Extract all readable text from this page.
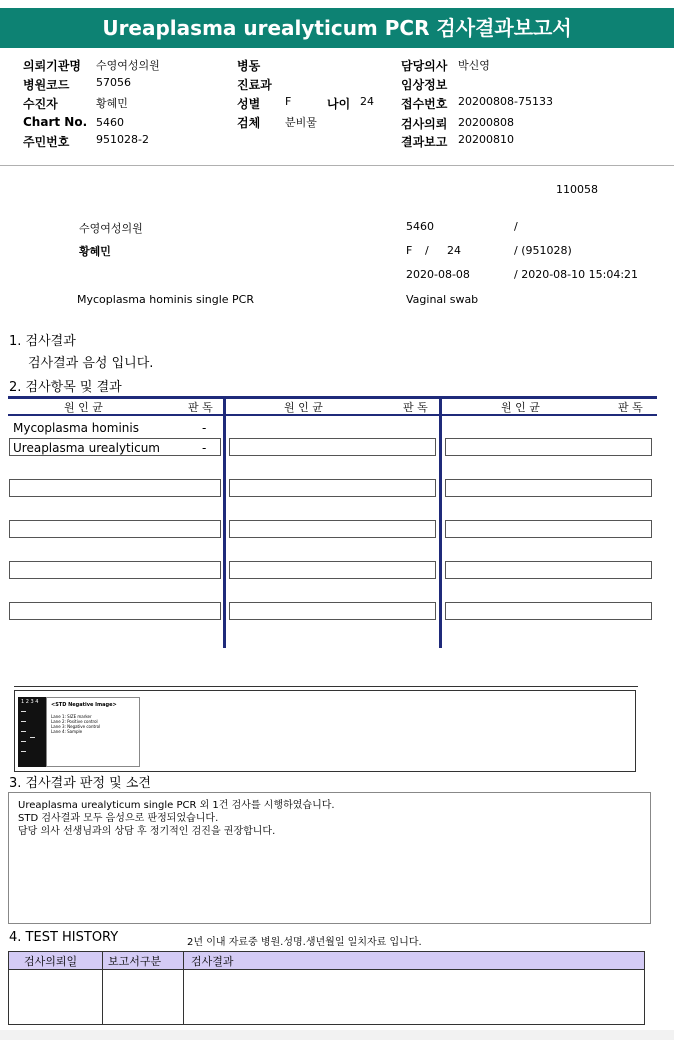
Ureaplasma urealyticum PCR 검사결과보고서
의뢰기관명 수영여성의원
병원코드 57056
수진자	황혜민
Chart No. 5460
주민번호 951028-2
병동
진료과
성별 F	나이 24
검체 분비물
담당의사 박신영
임상정보
접수번호 20200808-75133
검사의뢰 20200808
결과보고 20200810
110058
수영여성의원	5460	/
황혜민	F / 24	/ (951028)
2020-08-08	/ 2020-08-10 15:04:21
Mycoplasma hominis single PCR	Vaginal swab
1. 검사결과
검사결과 음성 입니다.
2. 검사항목 및 결과
원 인 균	판 독	원 인 균	판 독	원 인 균	판 독
Mycoplasma hominis	-
Ureaplasma urealyticum	-
1 2 3 4	<STD Negative Image>
Lane 1: SIZE marker
Lane 2: Positive control
Lane 3: Negative control
Lane 4: Sample
3. 검사결과 판정 및 소견
Ureaplasma urealyticum single PCR 외 1건 검사를 시행하였습니다.
STD 검사결과 모두 음성으로 판정되었습니다.
담당 의사 선생님과의 상담 후 정기적인 검진을 권장합니다.
4. TEST HISTORY	2년 이내 자료중 병원.성명.생년월일 일치자료 입니다.
검사의뢰일	보고서구분	검사결과
